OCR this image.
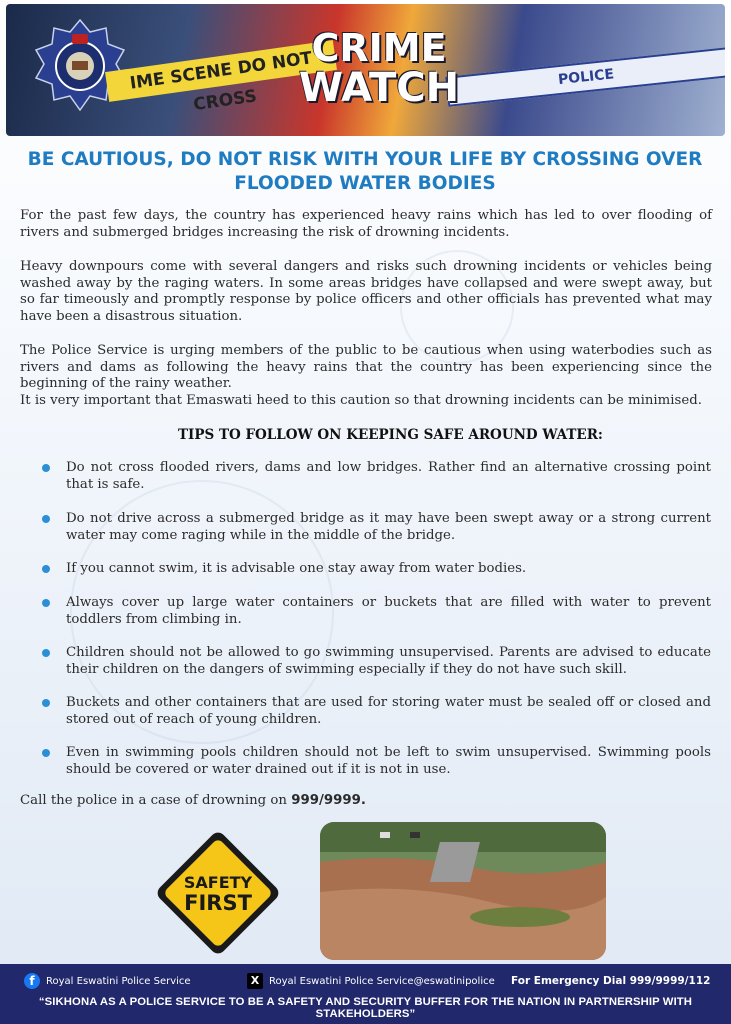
IME SCENE DO NOT CROSS
POLICE
CRIME
WATCH
BE CAUTIOUS, DO NOT RISK WITH YOUR LIFE BY CROSSING OVER FLOODED WATER BODIES

For the past few days, the country has experienced heavy rains which has led to over flooding of rivers and submerged bridges increasing the risk of drowning incidents.

Heavy downpours come with several dangers and risks such drowning incidents or vehicles being washed away by the raging waters. In some areas bridges have collapsed and were swept away, but so far timeously and promptly response by police officers and other officials has prevented what may have been a disastrous situation.

The Police Service is urging members of the public to be cautious when using waterbodies such as rivers and dams as following the heavy rains that the country has been experiencing since the beginning of the rainy weather.

It is very important that Emaswati heed to this caution so that drowning incidents can be minimised.

TIPS TO FOLLOW ON KEEPING SAFE AROUND WATER:

Do not cross flooded rivers, dams and low bridges. Rather find an alternative crossing point that is safe.
Do not drive across a submerged bridge as it may have been swept away or a strong current water may come raging while in the middle of the bridge.
If you cannot swim, it is advisable one stay away from water bodies.
Always cover up large water containers or buckets that are filled with water to prevent toddlers from climbing in.
Children should not be allowed to go swimming unsupervised. Parents are advised to educate their children on the dangers of swimming especially if they do not have such skill.
Buckets and other containers that are used for storing water must be sealed off or closed and stored out of reach of young children.
Even in swimming pools children should not be left to swim unsupervised. Swimming pools should be covered or water drained out if it is not in use.
Call the police in a case of drowning on 999/9999.
SAFETY
FIRST
f	Royal Eswatini Police Service	X Royal Eswatini Police Service@eswatinipolice For Emergency Dial 999/9999/112
“SIKHONA AS A POLICE SERVICE TO BE A SAFETY AND SECURITY BUFFER FOR THE NATION IN PARTNERSHIP WITH STAKEHOLDERS”
